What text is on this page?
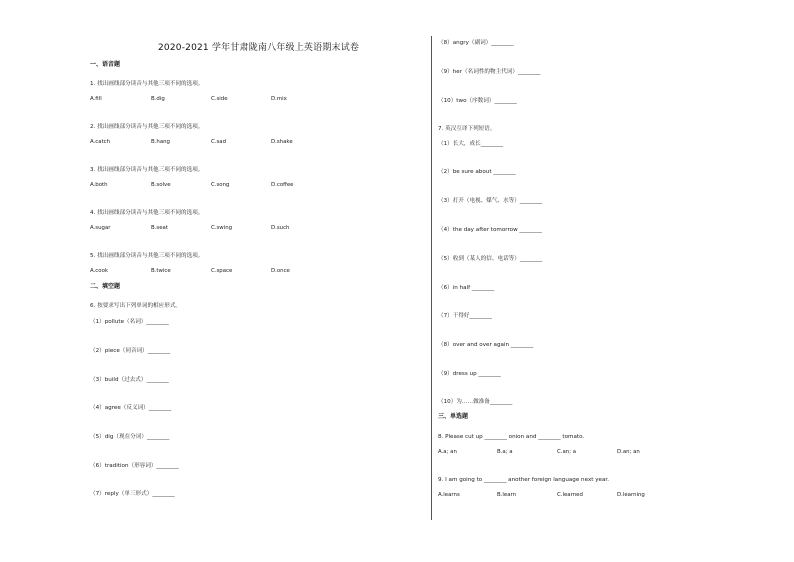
2020-2021 学年甘肃陇南八年级上英语期末试卷
一、语音题
1. 找出画线部分读音与其他三项不同的选项。
A.fill	B.dig	C.side	D.mix
2. 找出画线部分读音与其他三项不同的选项。
A.catch	B.hang	C.sad	D.shake
3. 找出画线部分读音与其他三项不同的选项。
A.both	B.solve	C.song	D.coffee
4. 找出画线部分读音与其他三项不同的选项。
A.sugar	B.seat	C.swing	D.such
5. 找出画线部分读音与其他三项不同的选项。
A.cook	B.twice	C.space	D.once
二、填空题
6. 按要求写出下列单词的相应形式。
（1）pollute（名词）________
（2）piece（同音词）________
（3）build（过去式）________
（4）agree（反义词）________
（5）dig（现在分词）________
（6）tradition（形容词）________
（7）reply（单三形式）________
（8）angry（副词）________
（9）her（名词性的物主代词）________
（10）two（序数词）________
7. 英汉互译下列短语。
（1）长大，成长________
（2）be sure about ________
（3）打开（电视、煤气、水等）________
（4）the day after tomorrow ________
（5）收到（某人的信、电话等）________
（6）in half ________
（7）干得好________
（8）over and over again ________
（9）dress up ________
（10）为……做准备________
三、单选题
8. Please cut up ________ onion and ________ tomato.
A.a; an	B.a; a	C.an; a	D.an; an
9. I am going to ________ another foreign language next year.
A.learns	B.learn	C.learned	D.learning
